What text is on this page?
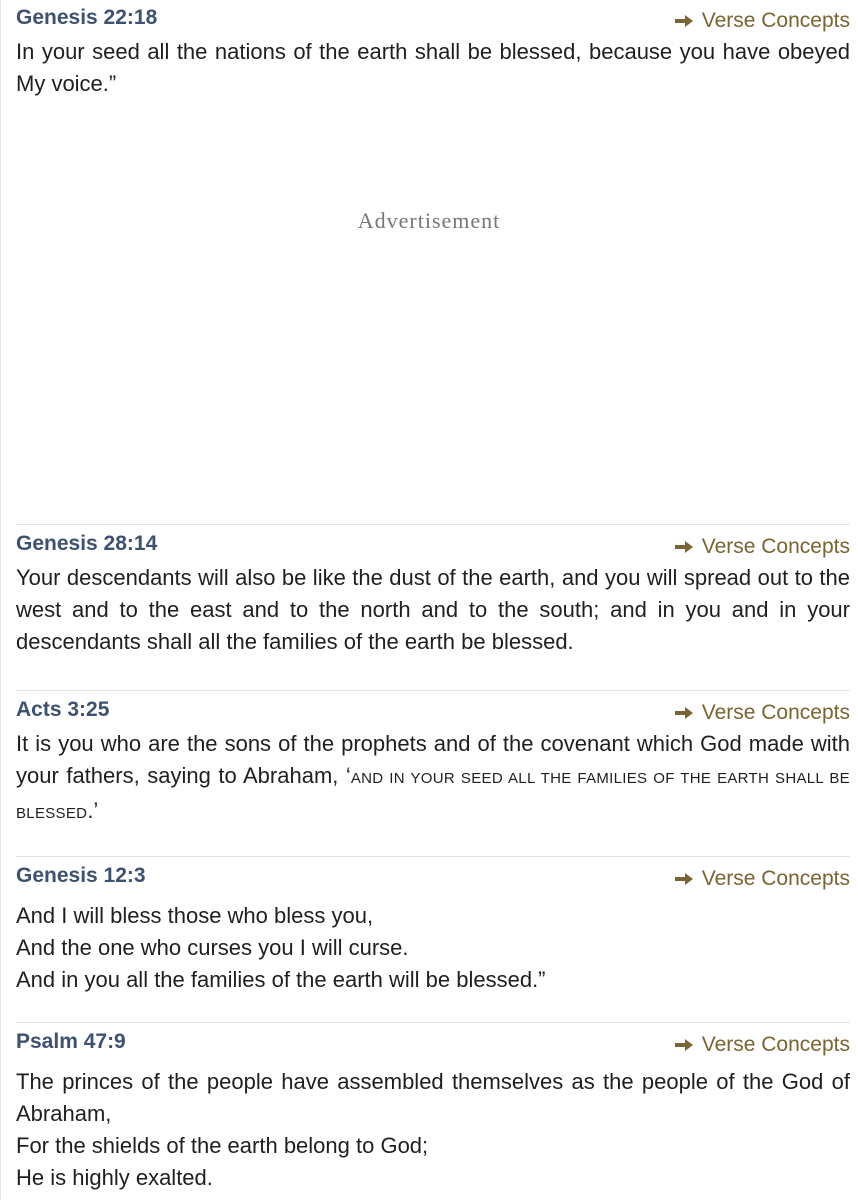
Genesis 22:18	Verse Concepts
In your seed all the nations of the earth shall be blessed, because you have obeyed My voice.”
Advertisement
Genesis 28:14	Verse Concepts
Your descendants will also be like the dust of the earth, and you will spread out to the west and to the east and to the north and to the south; and in you and in your descendants shall all the families of the earth be blessed.
Acts 3:25	Verse Concepts
It is you who are the sons of the prophets and of the covenant which God made with your fathers, saying to Abraham, ‘AND IN YOUR SEED ALL THE FAMILIES OF THE EARTH SHALL BE BLESSED.’
Genesis 12:3	Verse Concepts
And I will bless those who bless you,
And the one who curses you I will curse.
And in you all the families of the earth will be blessed.”
Psalm 47:9	Verse Concepts
The princes of the people have assembled themselves as the people of the God of Abraham,
For the shields of the earth belong to God;
He is highly exalted.
